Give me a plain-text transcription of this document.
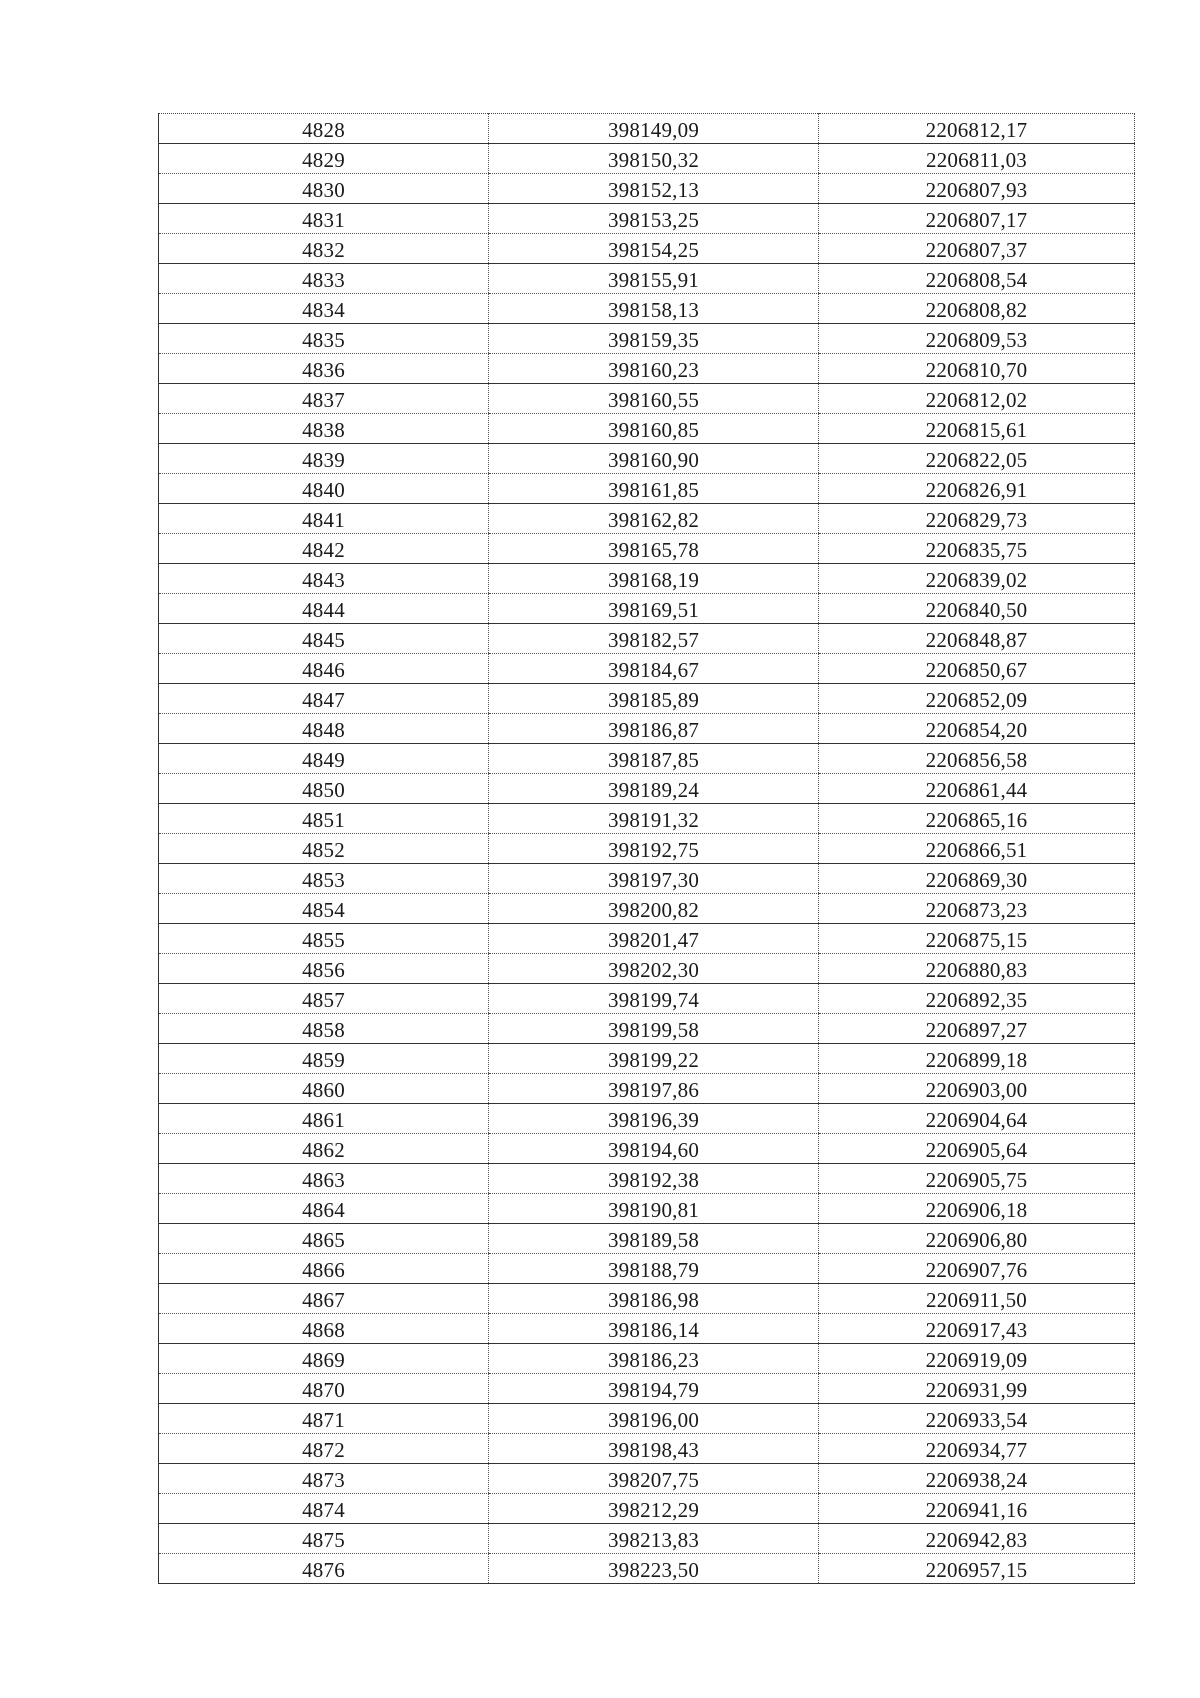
4828	398149,09	2206812,17
4829	398150,32	2206811,03
4830	398152,13	2206807,93
4831	398153,25	2206807,17
4832	398154,25	2206807,37
4833	398155,91	2206808,54
4834	398158,13	2206808,82
4835	398159,35	2206809,53
4836	398160,23	2206810,70
4837	398160,55	2206812,02
4838	398160,85	2206815,61
4839	398160,90	2206822,05
4840	398161,85	2206826,91
4841	398162,82	2206829,73
4842	398165,78	2206835,75
4843	398168,19	2206839,02
4844	398169,51	2206840,50
4845	398182,57	2206848,87
4846	398184,67	2206850,67
4847	398185,89	2206852,09
4848	398186,87	2206854,20
4849	398187,85	2206856,58
4850	398189,24	2206861,44
4851	398191,32	2206865,16
4852	398192,75	2206866,51
4853	398197,30	2206869,30
4854	398200,82	2206873,23
4855	398201,47	2206875,15
4856	398202,30	2206880,83
4857	398199,74	2206892,35
4858	398199,58	2206897,27
4859	398199,22	2206899,18
4860	398197,86	2206903,00
4861	398196,39	2206904,64
4862	398194,60	2206905,64
4863	398192,38	2206905,75
4864	398190,81	2206906,18
4865	398189,58	2206906,80
4866	398188,79	2206907,76
4867	398186,98	2206911,50
4868	398186,14	2206917,43
4869	398186,23	2206919,09
4870	398194,79	2206931,99
4871	398196,00	2206933,54
4872	398198,43	2206934,77
4873	398207,75	2206938,24
4874	398212,29	2206941,16
4875	398213,83	2206942,83
4876	398223,50	2206957,15
